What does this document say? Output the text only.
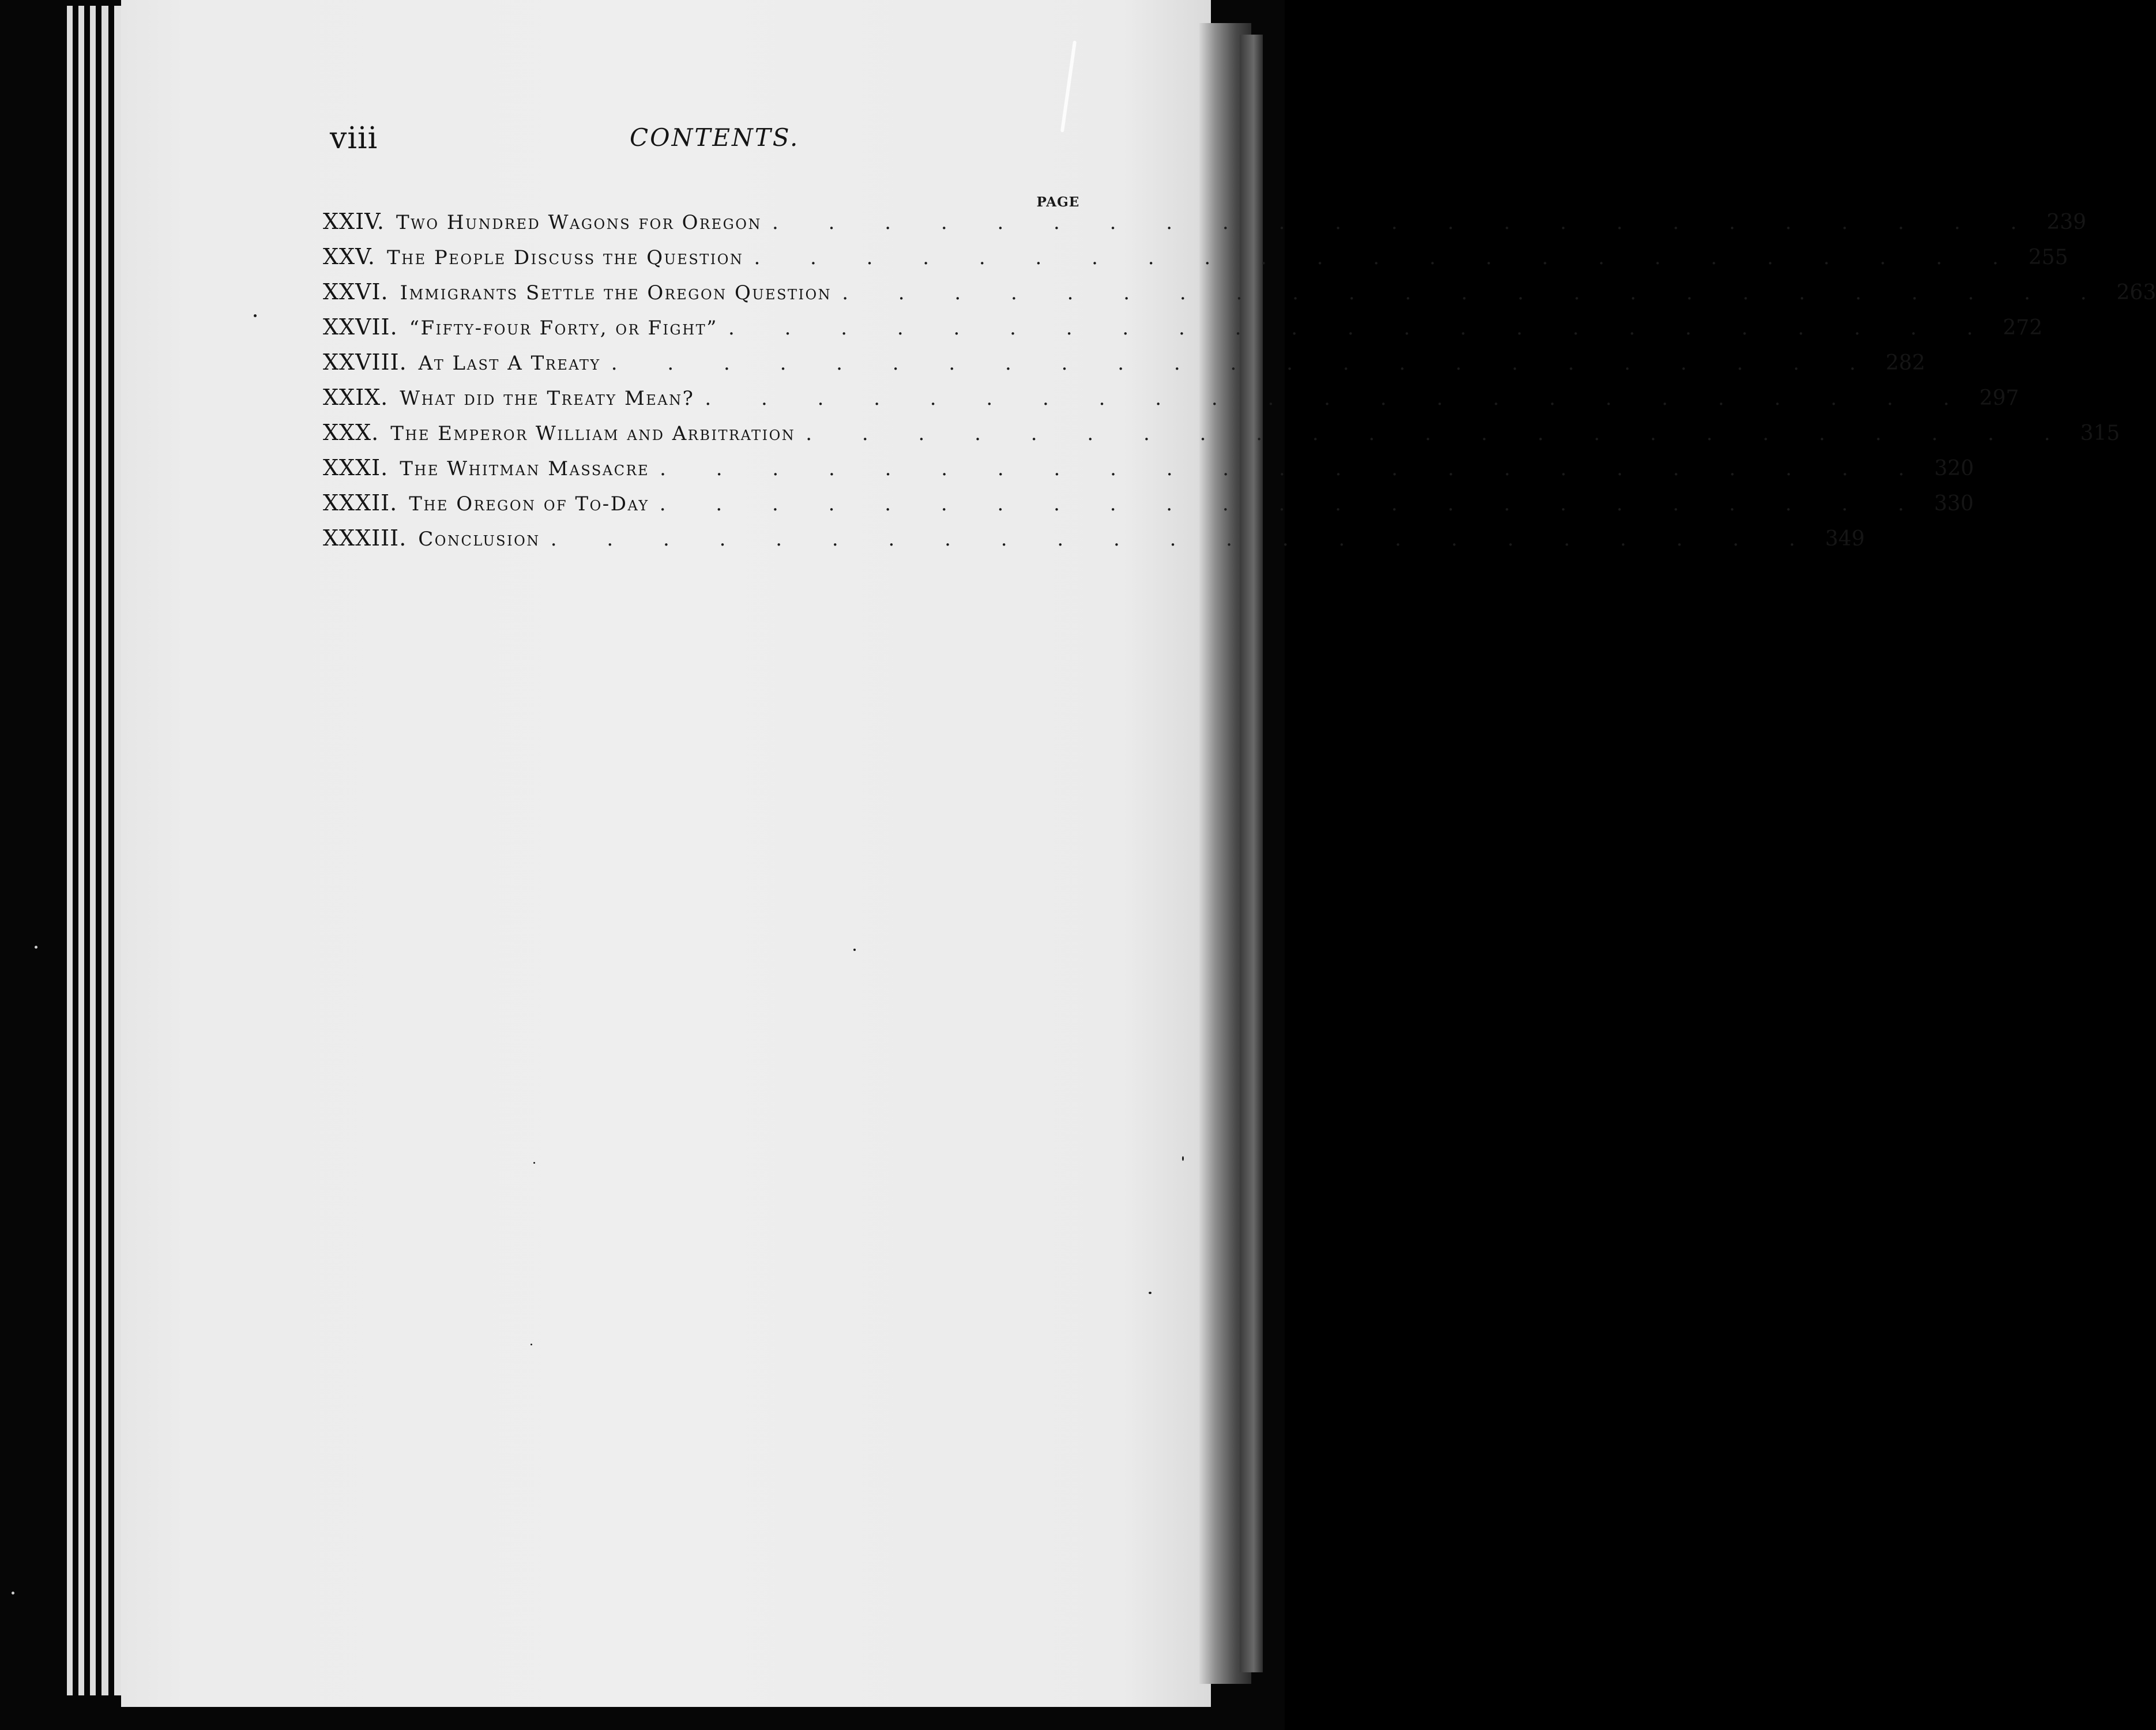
viii	CONTENTS.
PAGE
XXIV. Two Hundred Wagons for Oregon . . . . . . . . . . . . . . . . . . . . . . . 239
XXV. The People Discuss the Question . . . . . . . . . . . . . . . . . . . . . . . 255
XXVI. Immigrants Settle the Oregon Question . . . . . . . . . . . . . . . . . . . . . . . 263
XXVII. “Fifty-four Forty, or Fight” . . . . . . . . . . . . . . . . . . . . . . . 272
XXVIII. At Last A Treaty . . . . . . . . . . . . . . . . . . . . . . . 282
XXIX. What did the Treaty Mean? . . . . . . . . . . . . . . . . . . . . . . . 297
XXX. The Emperor William and Arbitration . . . . . . . . . . . . . . . . . . . . . . . 315
XXXI. The Whitman Massacre . . . . . . . . . . . . . . . . . . . . . . . 320
XXXII. The Oregon of To-Day . . . . . . . . . . . . . . . . . . . . . . . 330
XXXIII. Conclusion . . . . . . . . . . . . . . . . . . . . . . . 349
